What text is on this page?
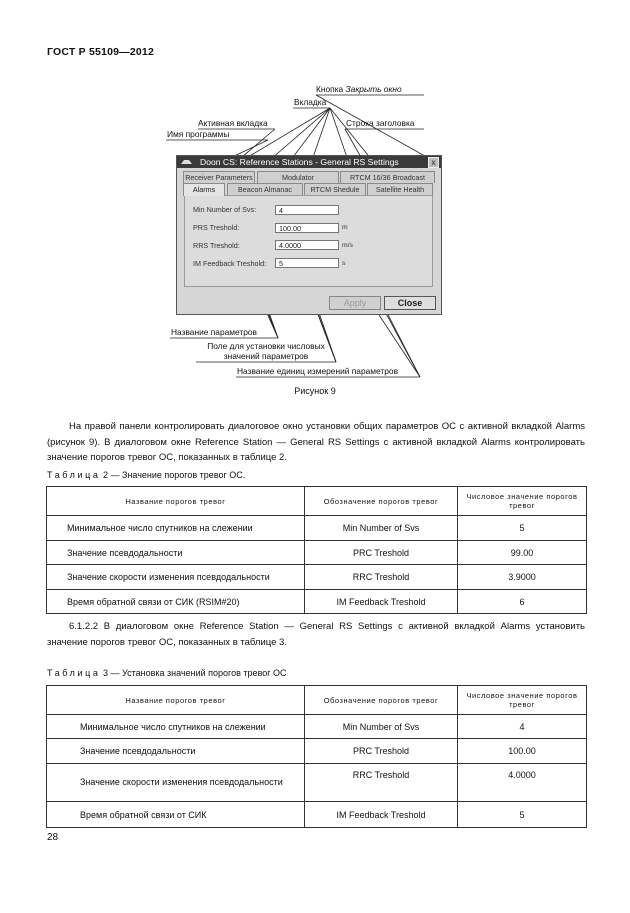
ГОСТ Р 55109—2012
Кнопка Закрыть окно
Вкладка
Активная вкладка	Строка заголовка
Имя программы
Название параметров
Поле для установки числовых
значений параметров
Название единиц измерений параметров
Doon CS: Reference Stations - General RS Settings	x
Receiver Parameters	Modulator	RTCM 16/36 Broadcast
Alarms	Beacon Almanac	RTCM Shedule	Satellite Health
Min Number of Svs:	4
PRS Treshold:	100.00	m
RRS Treshold:	4.0000	m/s
IM Feedback Treshold:	5	s
Apply	Close
Рисунок 9
На правой панели контролировать диалоговое окно установки общих параметров ОС с активной вкладкой Alarms (рисунок 9). В диалоговом окне Reference Station — General RS Settings с активной вкладкой Alarms контролировать значение порогов тревог ОС, показанных в таблице 2.
Таблица 2 — Значение порогов тревог ОС.
Название порогов тревог	Обозначение порогов тревог	Числовое значение порогов тревог
Минимальное число спутников на слежении	Min Number of Svs	5
Значение псевдодальности	PRC Treshold	99.00
Значение скорости изменения псевдодальности	RRC Treshold	3.9000
Время обратной связи от СИК (RSIM#20)	IM Feedback Treshold	6
6.1.2.2 В диалоговом окне Reference Station — General RS Settings с активной вкладкой Alarms установить значение порогов тревог ОС, показанных в таблице 3.
Таблица 3 — Установка значений порогов тревог ОС
Название порогов тревог	Обозначение порогов тревог	Числовое значение порогов тревог
Минимальное число спутников на слежении	Min Number of Svs	4
Значение псевдодальности	PRC Treshold	100.00
Значение скорости изменения псевдодальности	RRC Treshold	4.0000
Время обратной связи от СИК	IM Feedback Treshold	5
28
